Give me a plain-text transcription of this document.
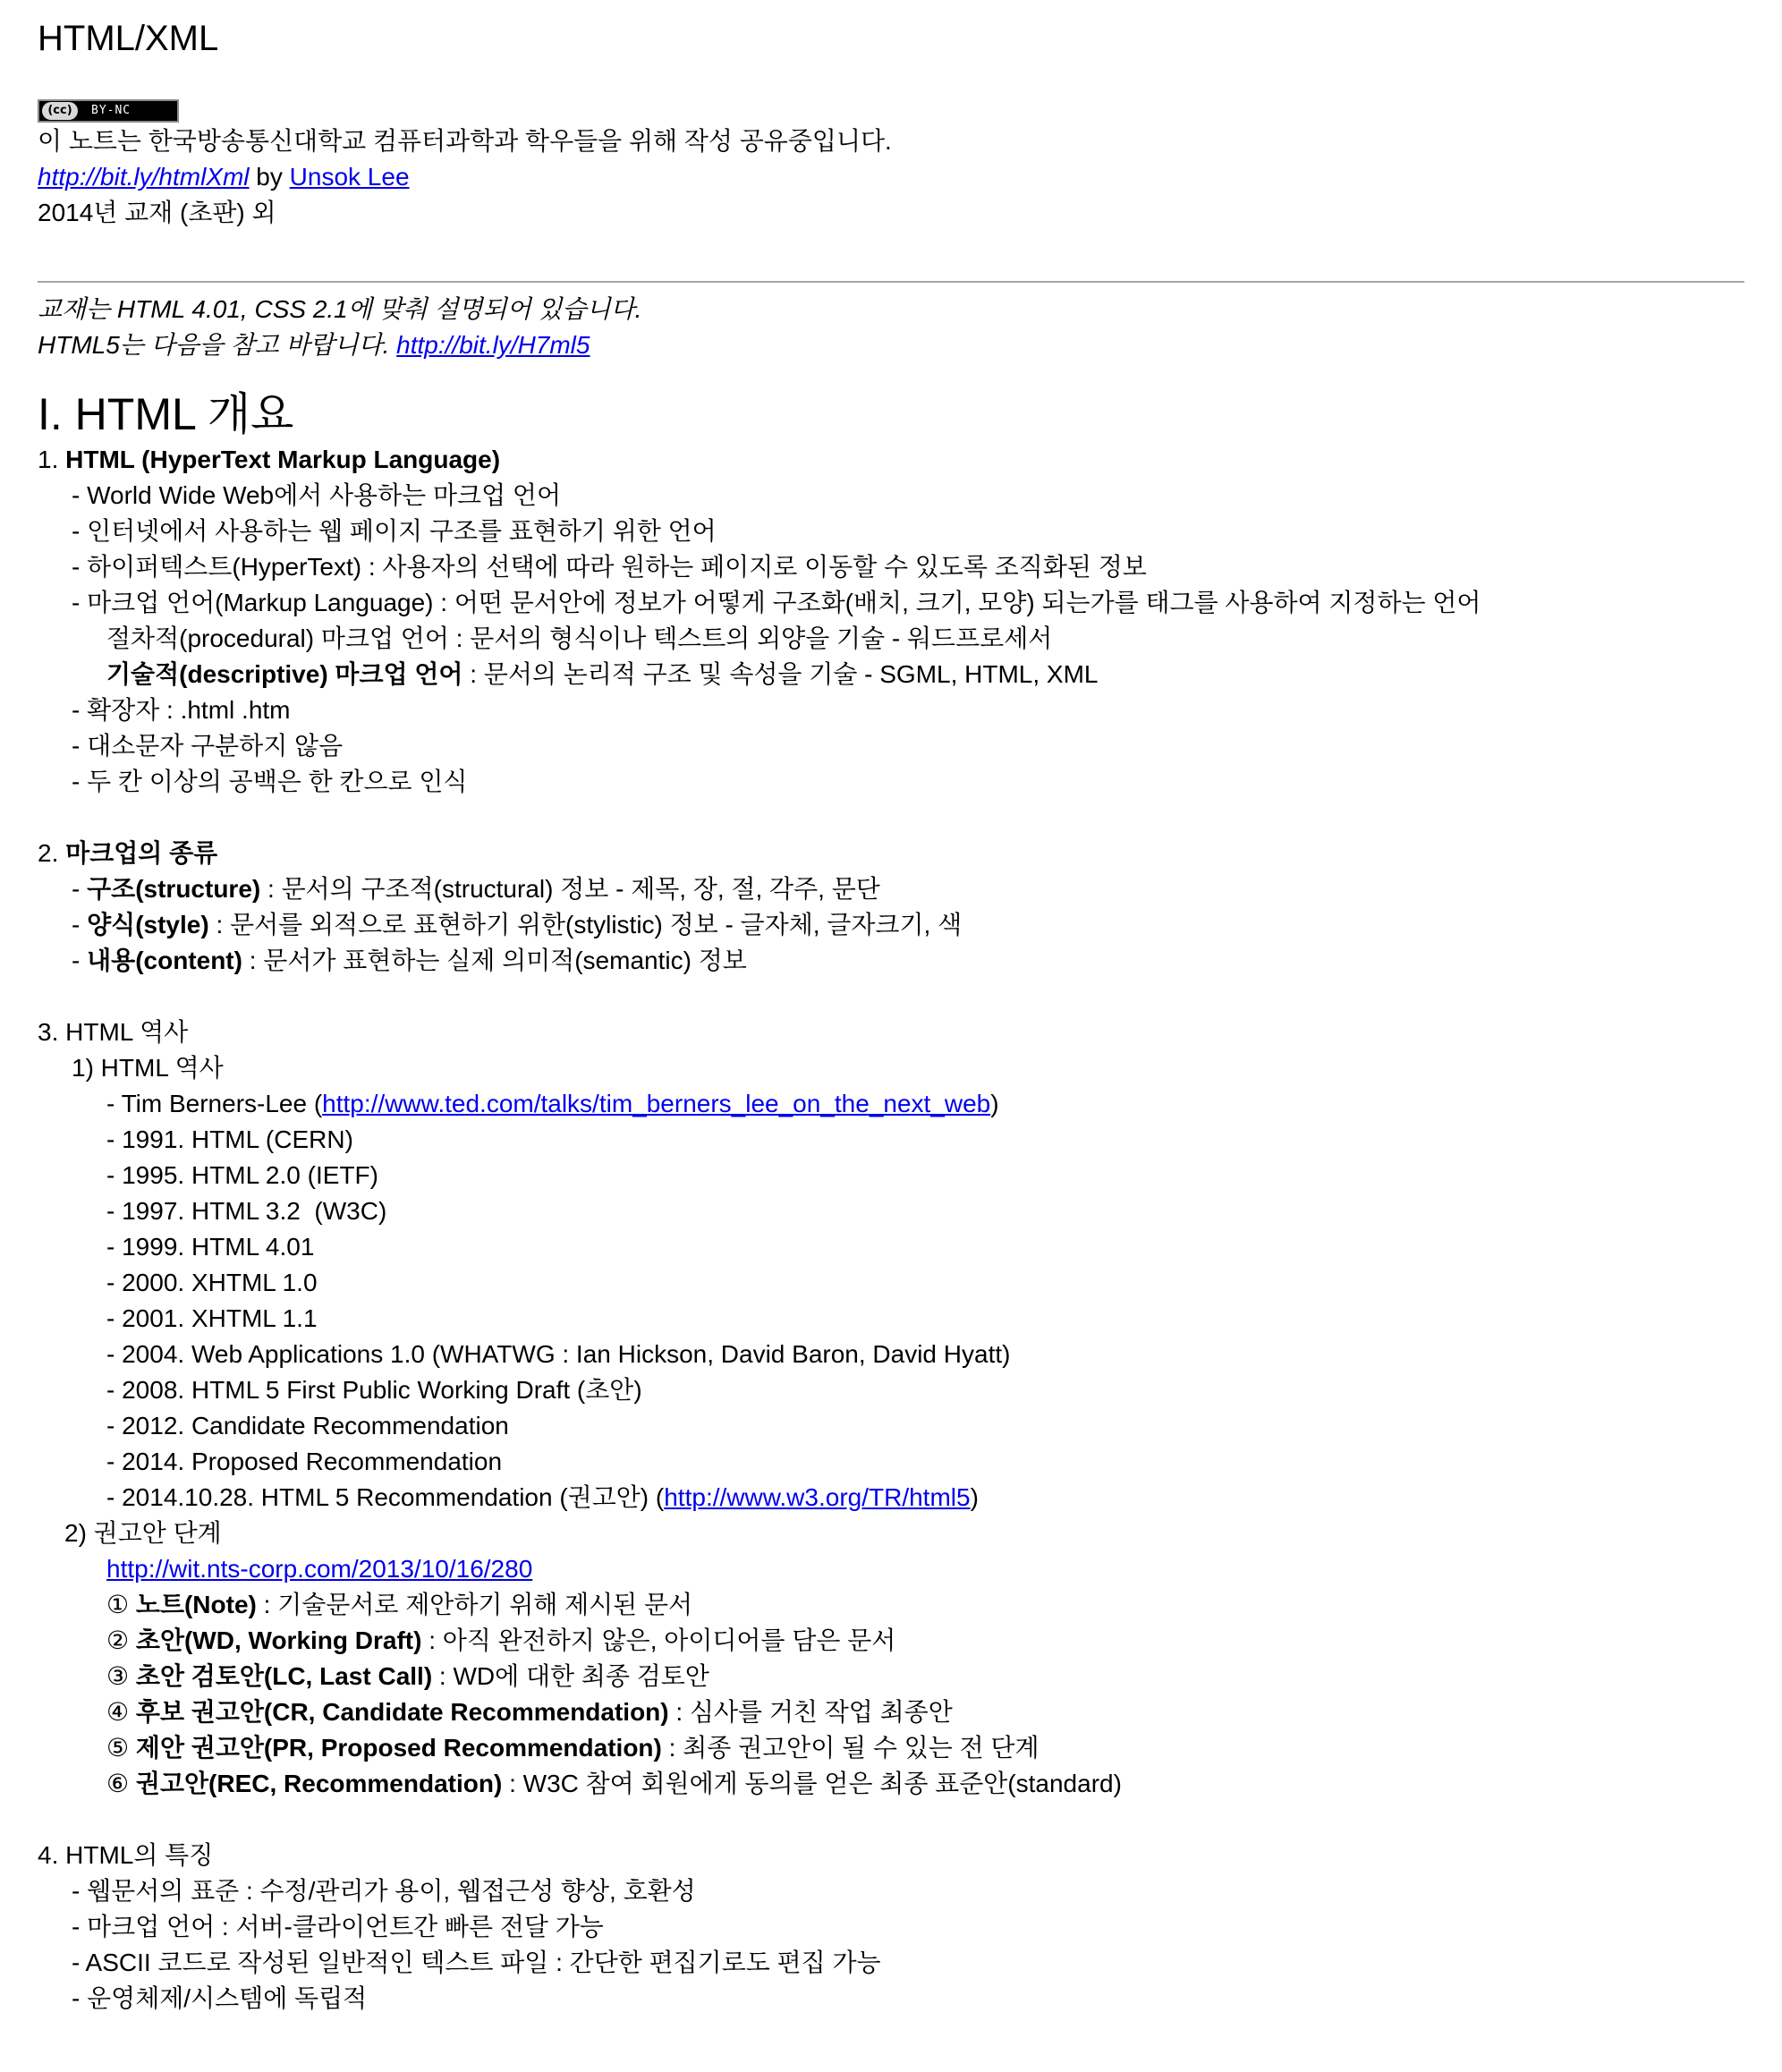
HTML/XML
(cc)	BY-NC
이 노트는 한국방송통신대학교 컴퓨터과학과 학우들을 위해 작성 공유중입니다.
http://bit.ly/htmlXml by Unsok Lee
2014년 교재 (초판) 외
교재는 HTML 4.01, CSS 2.1에 맞춰 설명되어 있습니다.
HTML5는 다음을 참고 바랍니다. http://bit.ly/H7ml5
I. HTML 개요
1. HTML (HyperText Markup Language)
- World Wide Web에서 사용하는 마크업 언어
- 인터넷에서 사용하는 웹 페이지 구조를 표현하기 위한 언어
- 하이퍼텍스트(HyperText) : 사용자의 선택에 따라 원하는 페이지로 이동할 수 있도록 조직화된 정보
- 마크업 언어(Markup Language) : 어떤 문서안에 정보가 어떻게 구조화(배치, 크기, 모양) 되는가를 태그를 사용하여 지정하는 언어
절차적(procedural) 마크업 언어 : 문서의 형식이나 텍스트의 외양을 기술 - 워드프로세서
기술적(descriptive) 마크업 언어 : 문서의 논리적 구조 및 속성을 기술 - SGML, HTML, XML
- 확장자 : .html .htm
- 대소문자 구분하지 않음
- 두 칸 이상의 공백은 한 칸으로 인식
2. 마크업의 종류
- 구조(structure) : 문서의 구조적(structural) 정보 - 제목, 장, 절, 각주, 문단
- 양식(style) : 문서를 외적으로 표현하기 위한(stylistic) 정보 - 글자체, 글자크기, 색
- 내용(content) : 문서가 표현하는 실제 의미적(semantic) 정보
3. HTML 역사
1) HTML 역사
- Tim Berners-Lee (http://www.ted.com/talks/tim_berners_lee_on_the_next_web)
- 1991. HTML (CERN)
- 1995. HTML 2.0 (IETF)
- 1997. HTML 3.2  (W3C)
- 1999. HTML 4.01
- 2000. XHTML 1.0
- 2001. XHTML 1.1
- 2004. Web Applications 1.0 (WHATWG : Ian Hickson, David Baron, David Hyatt)
- 2008. HTML 5 First Public Working Draft (초안)
- 2012. Candidate Recommendation
- 2014. Proposed Recommendation
- 2014.10.28. HTML 5 Recommendation (권고안) (http://www.w3.org/TR/html5)
2) 권고안 단계
http://wit.nts-corp.com/2013/10/16/280
① 노트(Note) : 기술문서로 제안하기 위해 제시된 문서
② 초안(WD, Working Draft) : 아직 완전하지 않은, 아이디어를 담은 문서
③ 초안 검토안(LC, Last Call) : WD에 대한 최종 검토안
④ 후보 권고안(CR, Candidate Recommendation) : 심사를 거친 작업 최종안
⑤ 제안 권고안(PR, Proposed Recommendation) : 최종 권고안이 될 수 있는 전 단계
⑥ 권고안(REC, Recommendation) : W3C 참여 회원에게 동의를 얻은 최종 표준안(standard)
4. HTML의 특징
- 웹문서의 표준 : 수정/관리가 용이, 웹접근성 향상, 호환성
- 마크업 언어 : 서버-클라이언트간 빠른 전달 가능
- ASCII 코드로 작성된 일반적인 텍스트 파일 : 간단한 편집기로도 편집 가능
- 운영체제/시스템에 독립적
